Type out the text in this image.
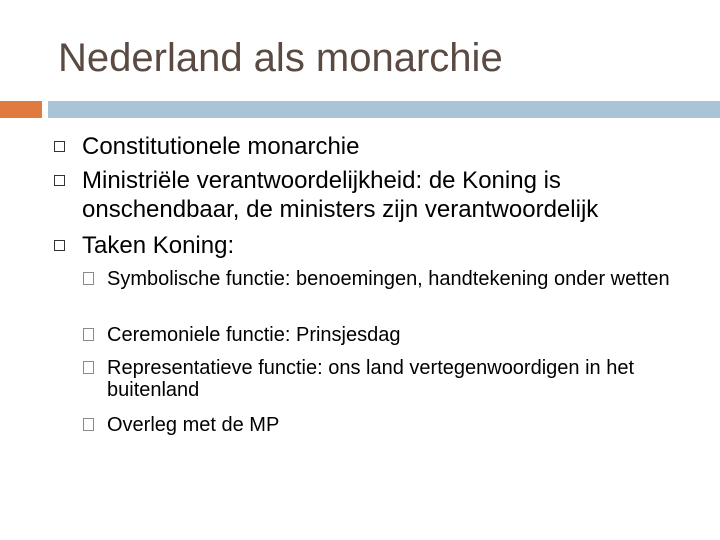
Nederland als monarchie
Constitutionele monarchie
Ministriële verantwoordelijkheid: de Koning is onschendbaar, de ministers zijn verantwoordelijk
Taken Koning:
Symbolische functie: benoemingen, handtekening onder wetten
Ceremoniele functie: Prinsjesdag
Representatieve functie: ons land vertegenwoordigen in het buitenland
Overleg met de MP
